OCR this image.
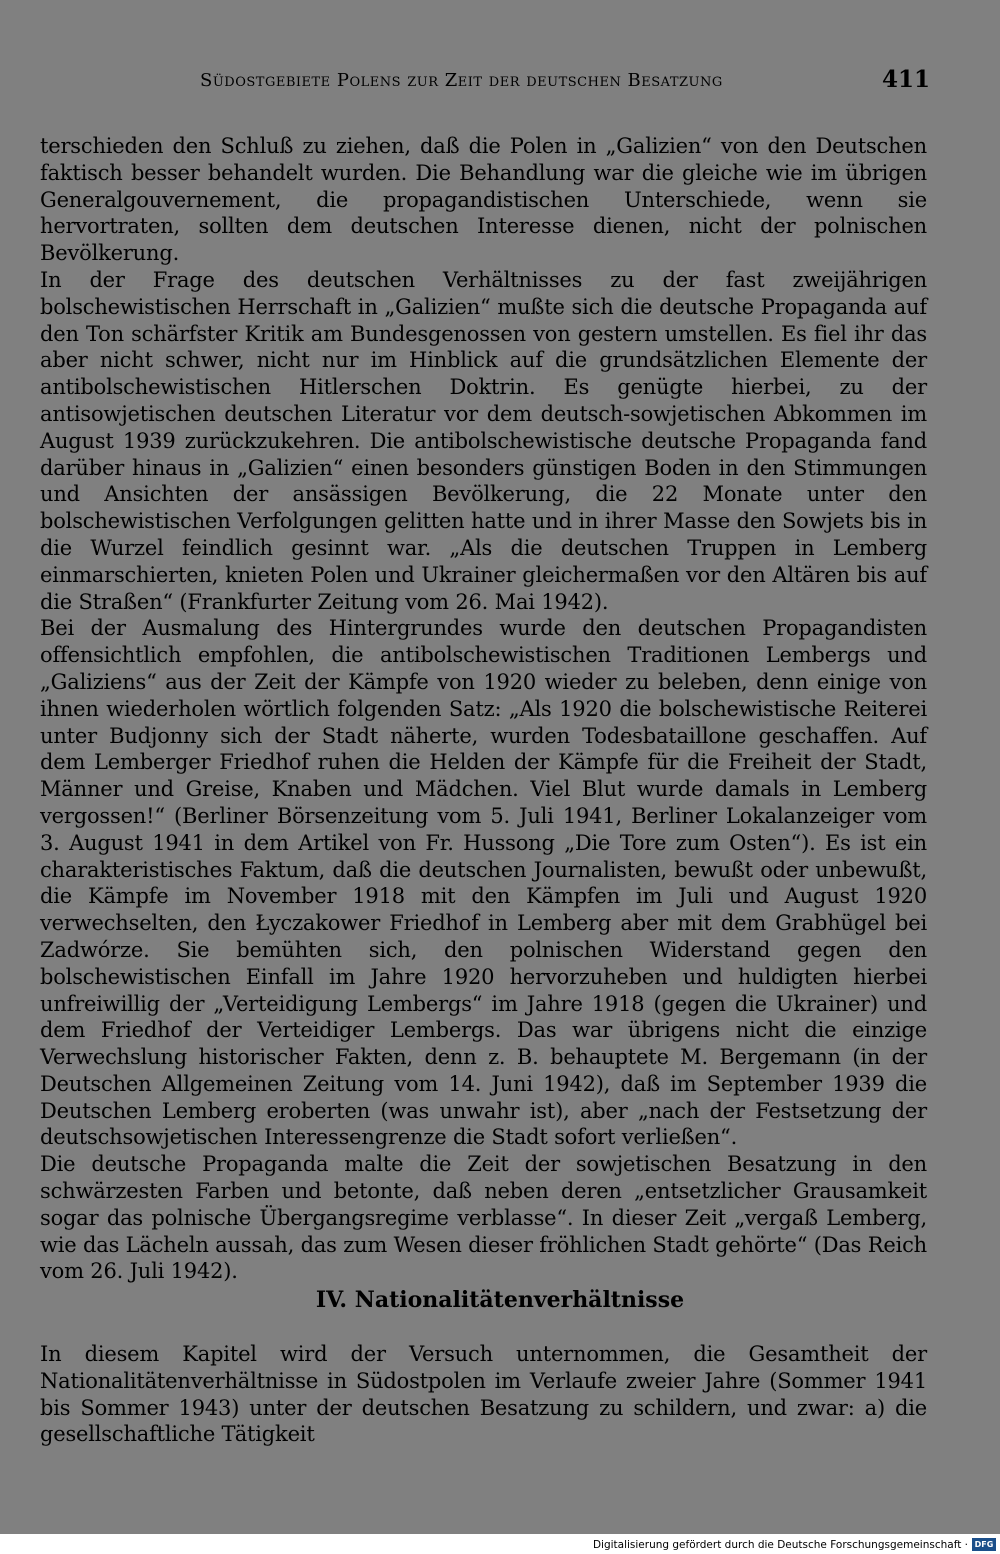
Südostgebiete Polens zur Zeit der deutschen Besatzung	411

terschieden den Schluß zu ziehen, daß die Polen in „Galizien“ von den Deutschen faktisch besser behandelt wurden. Die Behandlung war die gleiche wie im übrigen Generalgouvernement, die propagandistischen Unterschiede, wenn sie hervortraten, sollten dem deutschen Interesse dienen, nicht der polnischen Bevölkerung.

In der Frage des deutschen Verhältnisses zu der fast zweijährigen bolschewistischen Herrschaft in „Galizien“ mußte sich die deutsche Propaganda auf den Ton schärfster Kritik am Bundesgenossen von gestern umstellen. Es fiel ihr das aber nicht schwer, nicht nur im Hinblick auf die grundsätzlichen Elemente der antibolschewistischen Hitlerschen Doktrin. Es genügte hierbei, zu der antisowjetischen deutschen Literatur vor dem deutsch-sowjetischen Abkommen im August 1939 zurückzukehren. Die antibolschewistische deutsche Propaganda fand darüber hinaus in „Galizien“ einen besonders günstigen Boden in den Stimmungen und Ansichten der ansässigen Bevölkerung, die 22 Monate unter den bolschewistischen Verfolgungen gelitten hatte und in ihrer Masse den Sowjets bis in die Wurzel feindlich gesinnt war. „Als die deutschen Truppen in Lemberg einmarschierten, knieten Polen und Ukrainer gleichermaßen vor den Altären bis auf die Straßen“ (Frankfurter Zeitung vom 26. Mai 1942).

Bei der Ausmalung des Hintergrundes wurde den deutschen Propagandisten offensichtlich empfohlen, die antibolschewistischen Traditionen Lembergs und „Galiziens“ aus der Zeit der Kämpfe von 1920 wieder zu beleben, denn einige von ihnen wiederholen wörtlich folgenden Satz: „Als 1920 die bolschewistische Reiterei unter Budjonny sich der Stadt näherte, wurden Todesbataillone geschaffen. Auf dem Lemberger Friedhof ruhen die Helden der Kämpfe für die Freiheit der Stadt, Männer und Greise, Knaben und Mädchen. Viel Blut wurde damals in Lemberg vergossen!“ (Berliner Börsenzeitung vom 5. Juli 1941, Berliner Lokalanzeiger vom 3. August 1941 in dem Artikel von Fr. Hussong „Die Tore zum Osten“). Es ist ein charakteristisches Faktum, daß die deutschen Journalisten, bewußt oder unbewußt, die Kämpfe im November 1918 mit den Kämpfen im Juli und August 1920 verwechselten, den Łyczakower Friedhof in Lemberg aber mit dem Grabhügel bei Zadwórze. Sie bemühten sich, den polnischen Widerstand gegen den bolschewistischen Einfall im Jahre 1920 hervorzuheben und huldigten hierbei unfreiwillig der „Verteidigung Lembergs“ im Jahre 1918 (gegen die Ukrainer) und dem Friedhof der Verteidiger Lembergs. Das war übrigens nicht die einzige Verwechslung historischer Fakten, denn z. B. behauptete M. Bergemann (in der Deutschen Allgemeinen Zeitung vom 14. Juni 1942), daß im September 1939 die Deutschen Lemberg eroberten (was unwahr ist), aber „nach der Festsetzung der deutschsowjetischen Interessengrenze die Stadt sofort verließen“.

Die deutsche Propaganda malte die Zeit der sowjetischen Besatzung in den schwärzesten Farben und betonte, daß neben deren „entsetzlicher Grausamkeit sogar das polnische Übergangsregime verblasse“. In dieser Zeit „vergaß Lemberg, wie das Lächeln aussah, das zum Wesen dieser fröhlichen Stadt gehörte“ (Das Reich vom 26. Juli 1942).

IV. Nationalitätenverhältnisse

In diesem Kapitel wird der Versuch unternommen, die Gesamtheit der Nationalitätenverhältnisse in Südostpolen im Verlaufe zweier Jahre (Sommer 1941 bis Sommer 1943) unter der deutschen Besatzung zu schildern, und zwar: a) die gesellschaftliche Tätigkeit

Digitalisierung gefördert durch die Deutsche Forschungsgemeinschaft · DFG
